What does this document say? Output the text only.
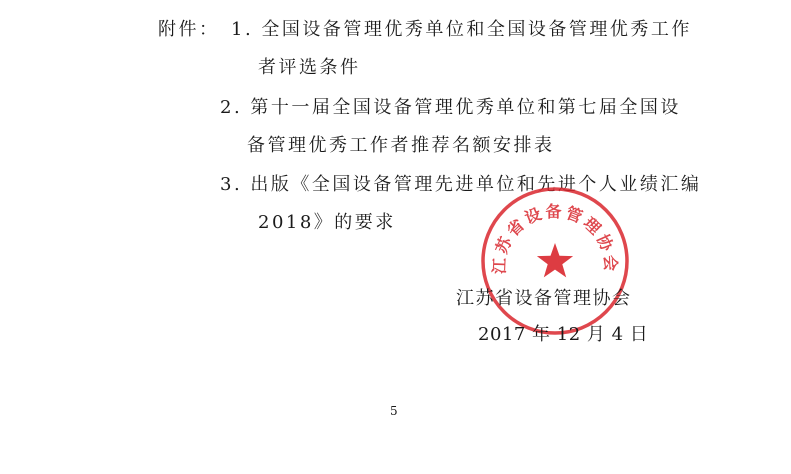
附件： 1. 全国设备管理优秀单位和全国设备管理优秀工作
者评选条件
2. 第十一届全国设备管理优秀单位和第七届全国设
备管理优秀工作者推荐名额安排表
3. 出版《全国设备管理先进单位和先进个人业绩汇编
2018》的要求
江苏省设备管理协会
江苏省设备管理协会
2017 年 12 月 4 日
5
